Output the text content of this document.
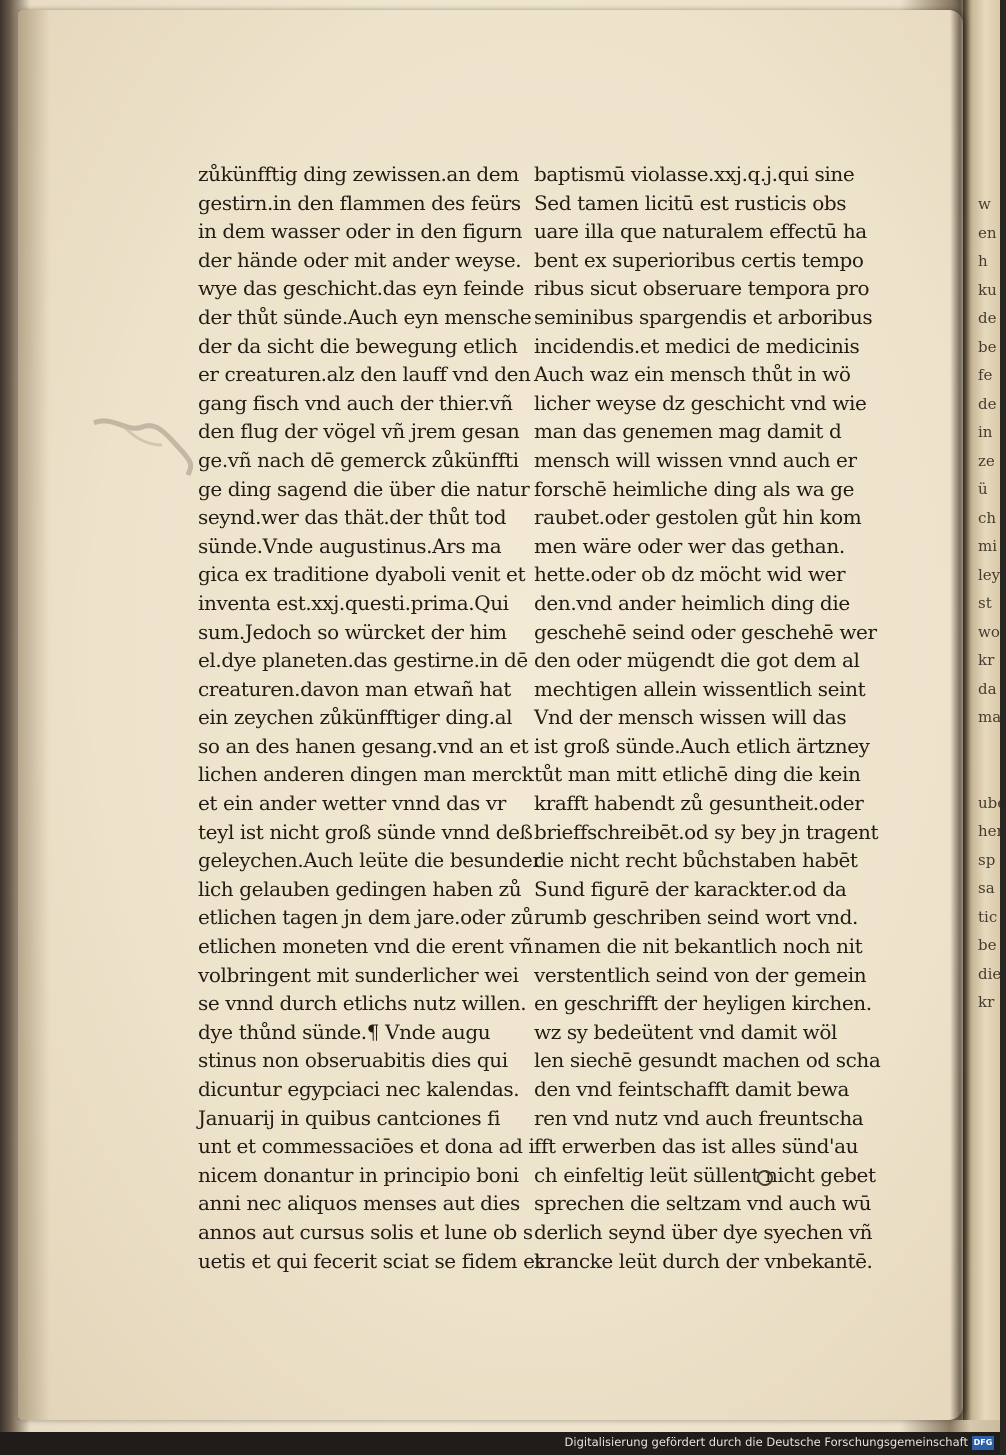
zůkünfftig ding zewissen.an dem
gestirn.in den flammen des feürs
in dem wasser oder in den figurn
der hände oder mit ander weyse.
wye das geschicht.das eyn feinde
der thůt sünde.Auch eyn mensche
der da sicht die bewegung etlich
er creaturen.alz den lauff vnd den
gang fisch vnd auch der thier.vñ
den flug der vögel vñ jrem gesan
ge.vñ nach dē gemerck zůkünffti
ge ding sagend die über die natur
seynd.wer das thät.der thůt tod
sünde.Vnde augustinus.Ars ma
gica ex traditione dyaboli venit et
inventa est.xxj.questi.prima.Qui
sum.Jedoch so würcket der him
el.dye planeten.das gestirne.in dē
creaturen.davon man etwañ hat
ein zeychen zůkünfftiger ding.al
so an des hanen gesang.vnd an et
lichen anderen dingen man merck
et ein ander wetter vnnd das vr
teyl ist nicht groß sünde vnnd deß
geleychen.Auch leüte die besunder
lich gelauben gedingen haben zů
etlichen tagen jn dem jare.oder zů
etlichen moneten vnd die erent vñ
volbringent mit sunderlicher wei
se vnnd durch etlichs nutz willen.
dye thůnd sünde.¶ Vnde augu
stinus non obseruabitis dies qui
dicuntur egypciaci nec kalendas.
Januarij in quibus cantciones fi
unt et commessaciōes et dona ad i
nicem donantur in principio boni
anni nec aliquos menses aut dies
annos aut cursus solis et lune ob s
uetis et qui fecerit sciat se fidem et
baptismū violasse.xxj.q.j.qui sine
Sed tamen licitū est rusticis obs
uare illa que naturalem effectū ha
bent ex superioribus certis tempo
ribus sicut obseruare tempora pro
seminibus spargendis et arboribus
incidendis.et medici de medicinis
Auch waz ein mensch thůt in wö
licher weyse dz geschicht vnd wie
man das genemen mag damit d
mensch will wissen vnnd auch er
forschē heimliche ding als wa ge
raubet.oder gestolen gůt hin kom
men wäre oder wer das gethan.
hette.oder ob dz möcht wid wer
den.vnd ander heimlich ding die
geschehē seind oder geschehē wer
den oder mügendt die got dem al
mechtigen allein wissentlich seint
Vnd der mensch wissen will das
ist groß sünde.Auch etlich ärtzney
tůt man mitt etlichē ding die kein
krafft habendt zů gesuntheit.oder
brieffschreibēt.od sy bey jn tragent
die nicht recht bůchstaben habēt
Sund figurē der karackter.od da
rumb geschriben seind wort vnd.
namen die nit bekantlich noch nit
verstentlich seind von der gemein
en geschrifft der heyligen kirchen.
wz sy bedeütent vnd damit wöl
len siechē gesundt machen od scha
den vnd feintschafft damit bewa
ren vnd nutz vnd auch freuntscha
fft erwerben das ist alles sünd'au
ch einfeltig leüt süllent nicht gebet
sprechen die seltzam vnd auch wū
derlich seynd über dye syechen vñ
krancke leüt durch der vnbekantē.
w
en
h
ku
de
be
fe
de
in
ze
ü
ch
mi
ley
st
wo
kr
da
ma

ube
her
sp
sa
tic
be
die
kr
Digitalisierung gefördert durch die Deutsche Forschungsgemeinschaft DFG
